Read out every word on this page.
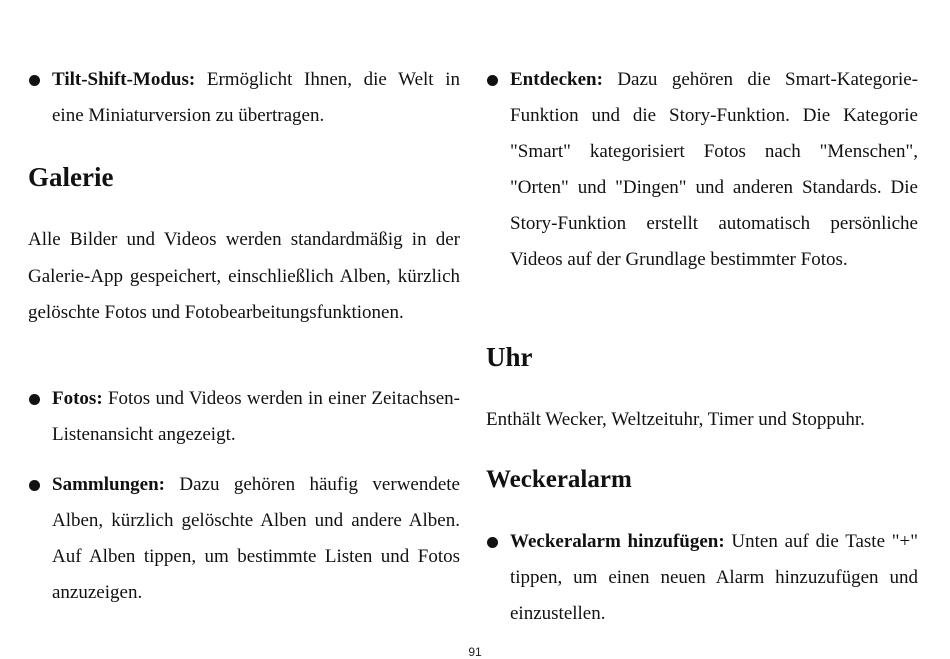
Tilt-Shift-Modus: Ermöglicht Ihnen, die Welt in eine Miniaturversion zu übertragen.
Galerie
Alle Bilder und Videos werden standardmäßig in der Galerie-App gespeichert, einschließlich Alben, kürzlich gelöschte Fotos und Fotobearbeitungsfunktionen.
Fotos: Fotos und Videos werden in einer Zeitachsen-Listenansicht angezeigt.
Sammlungen: Dazu gehören häufig verwendete Alben, kürzlich gelöschte Alben und andere Alben. Auf Alben tippen, um bestimmte Listen und Fotos anzuzeigen.
Entdecken: Dazu gehören die Smart-Kategorie-Funktion und die Story-Funktion. Die Kategorie "Smart" kategorisiert Fotos nach "Menschen", "Orten" und "Dingen" und anderen Standards. Die Story-Funktion erstellt automatisch persönliche Videos auf der Grundlage bestimmter Fotos.
Uhr
Enthält Wecker, Weltzeituhr, Timer und Stoppuhr.
Weckeralarm
Weckeralarm hinzufügen: Unten auf die Taste "+" tippen, um einen neuen Alarm hinzuzufügen und einzustellen.
91
